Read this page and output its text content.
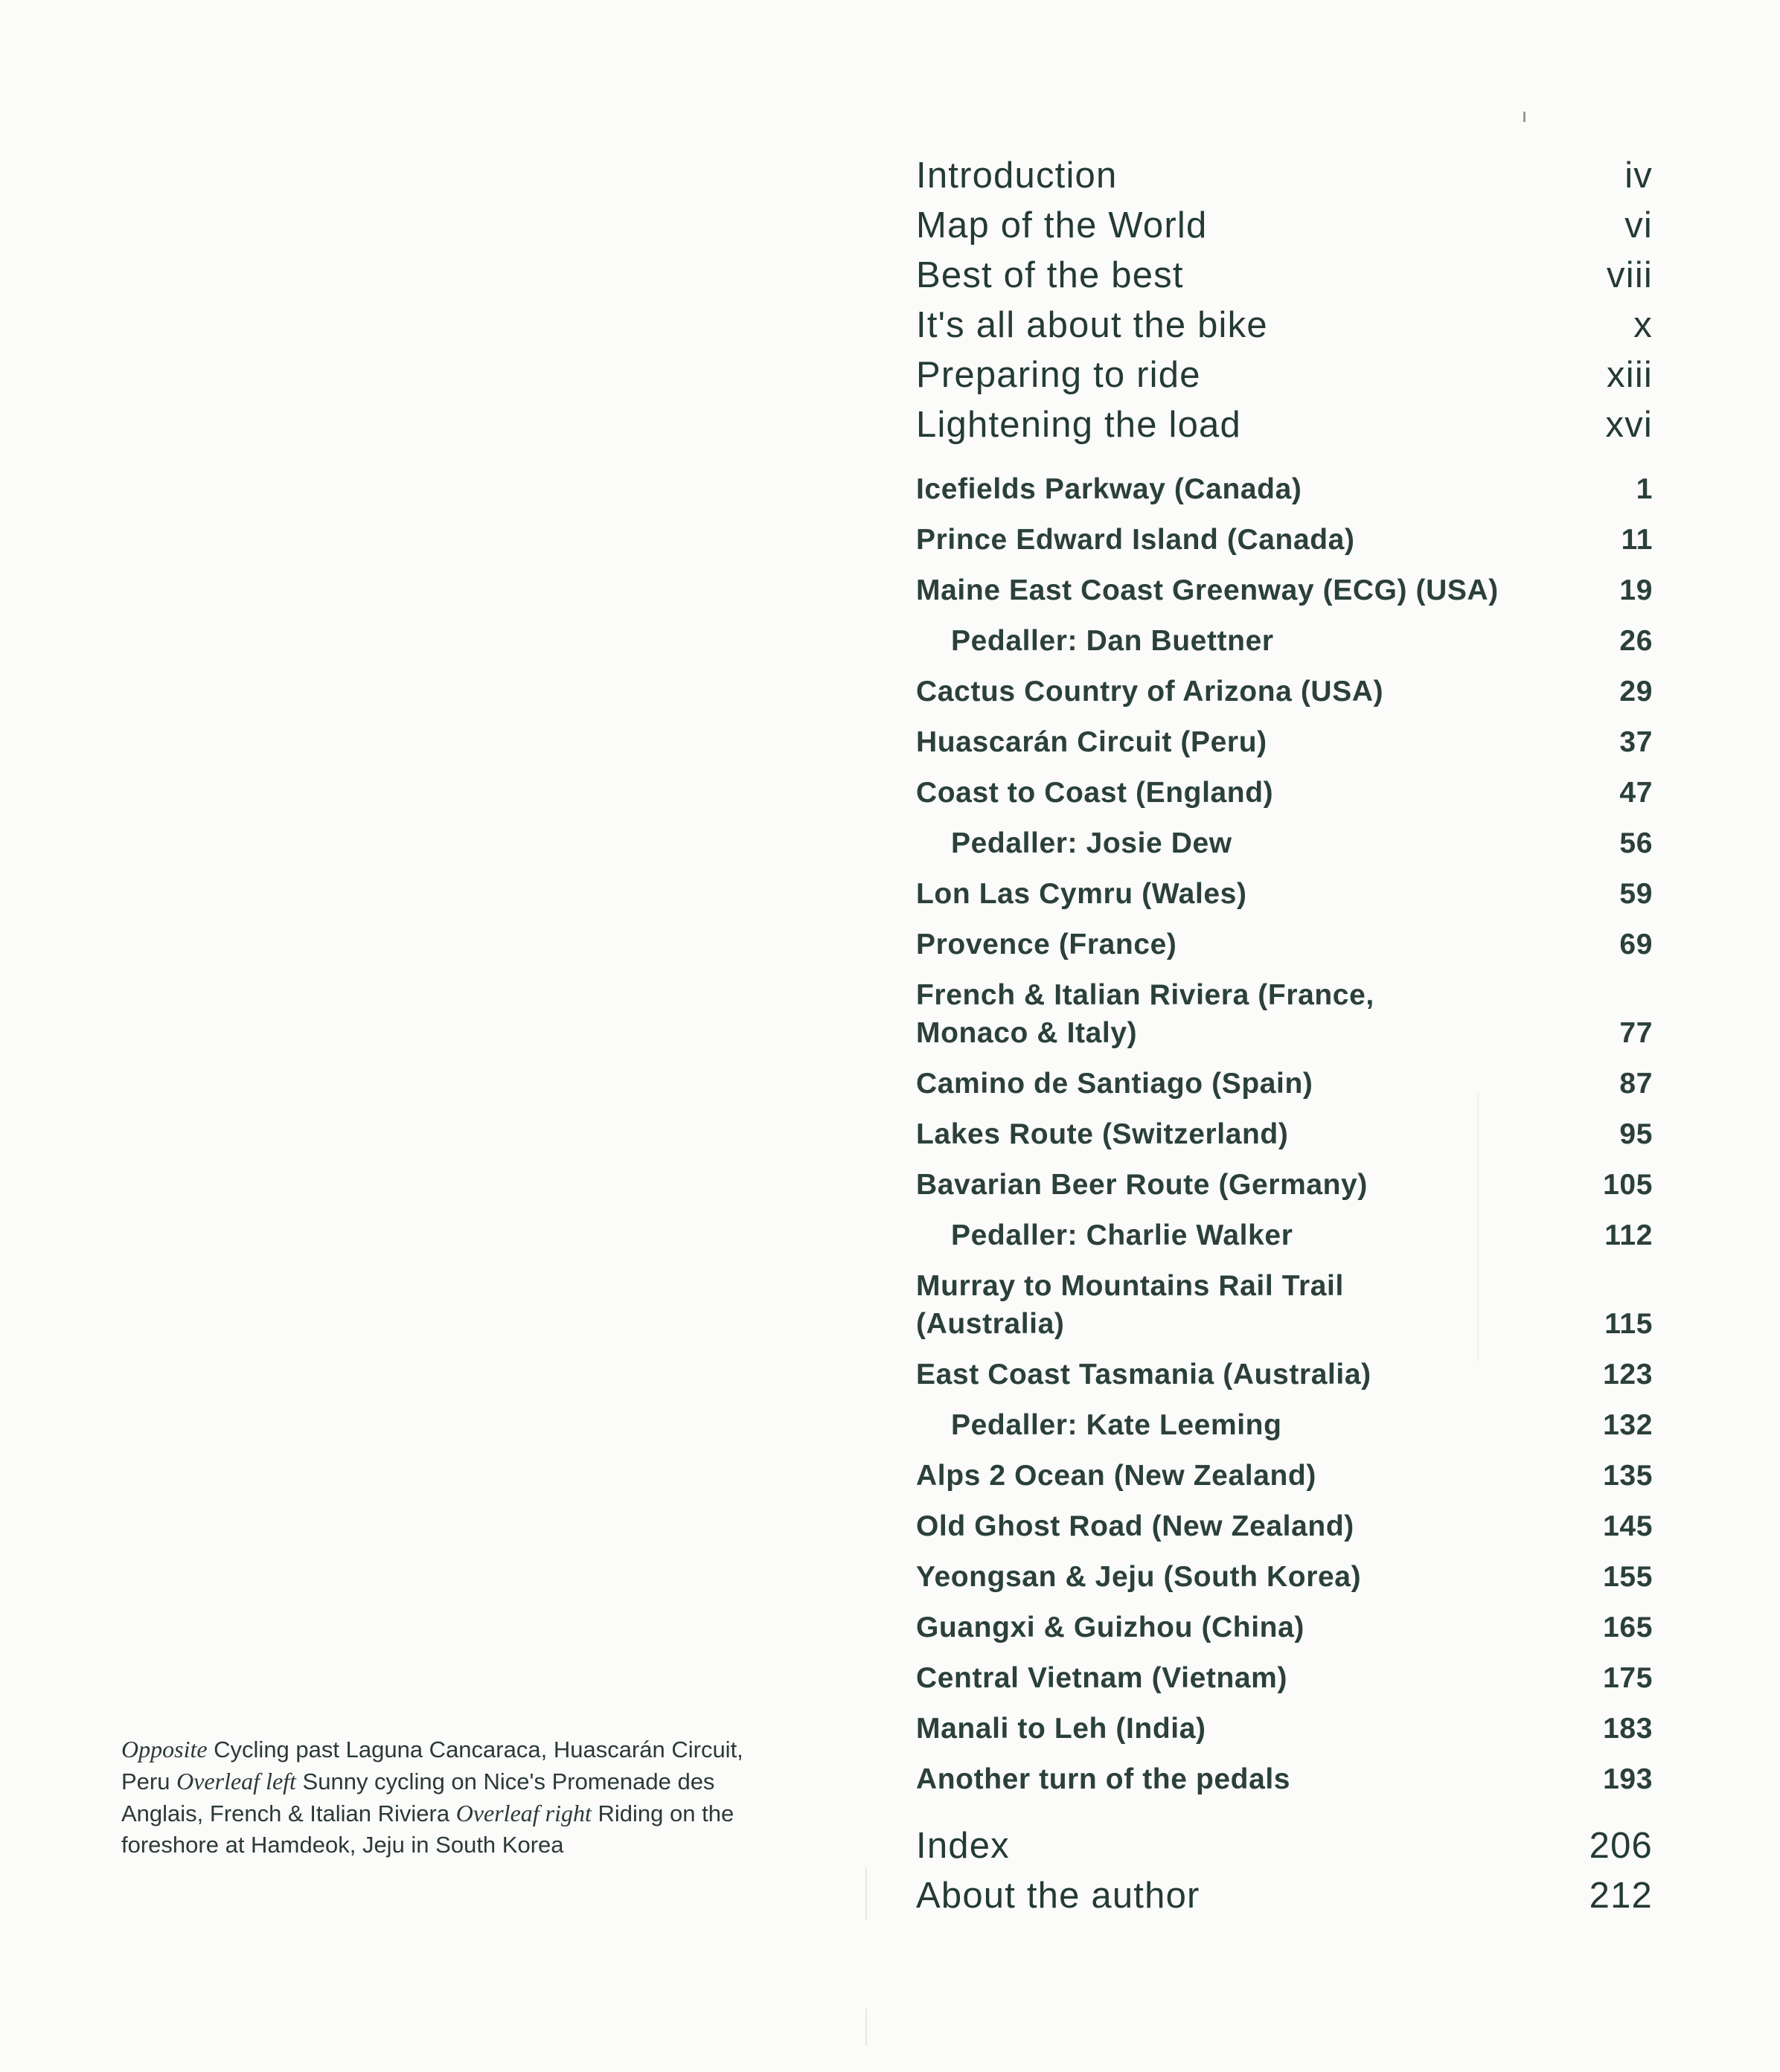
Opposite Cycling past Laguna Cancaraca, Huascarán Circuit, Peru Overleaf left Sunny cycling on Nice's Promenade des Anglais, French & Italian Riviera Overleaf right Riding on the foreshore at Hamdeok, Jeju in South Korea
Introduction	iv
Map of the World	vi
Best of the best	viii
It's all about the bike	x
Preparing to ride	xiii
Lightening the load	xvi
Icefields Parkway (Canada)	1
Prince Edward Island (Canada)	11
Maine East Coast Greenway (ECG) (USA)	19
Pedaller: Dan Buettner	26
Cactus Country of Arizona (USA)	29
Huascarán Circuit (Peru)	37
Coast to Coast (England)	47
Pedaller: Josie Dew	56
Lon Las Cymru (Wales)	59
Provence (France)	69
French & Italian Riviera (France, Monaco & Italy)	77
Camino de Santiago (Spain)	87
Lakes Route (Switzerland)	95
Bavarian Beer Route (Germany)	105
Pedaller: Charlie Walker	112
Murray to Mountains Rail Trail (Australia)	115
East Coast Tasmania (Australia)	123
Pedaller: Kate Leeming	132
Alps 2 Ocean (New Zealand)	135
Old Ghost Road (New Zealand)	145
Yeongsan & Jeju (South Korea)	155
Guangxi & Guizhou (China)	165
Central Vietnam (Vietnam)	175
Manali to Leh (India)	183
Another turn of the pedals	193
Index	206
About the author	212
